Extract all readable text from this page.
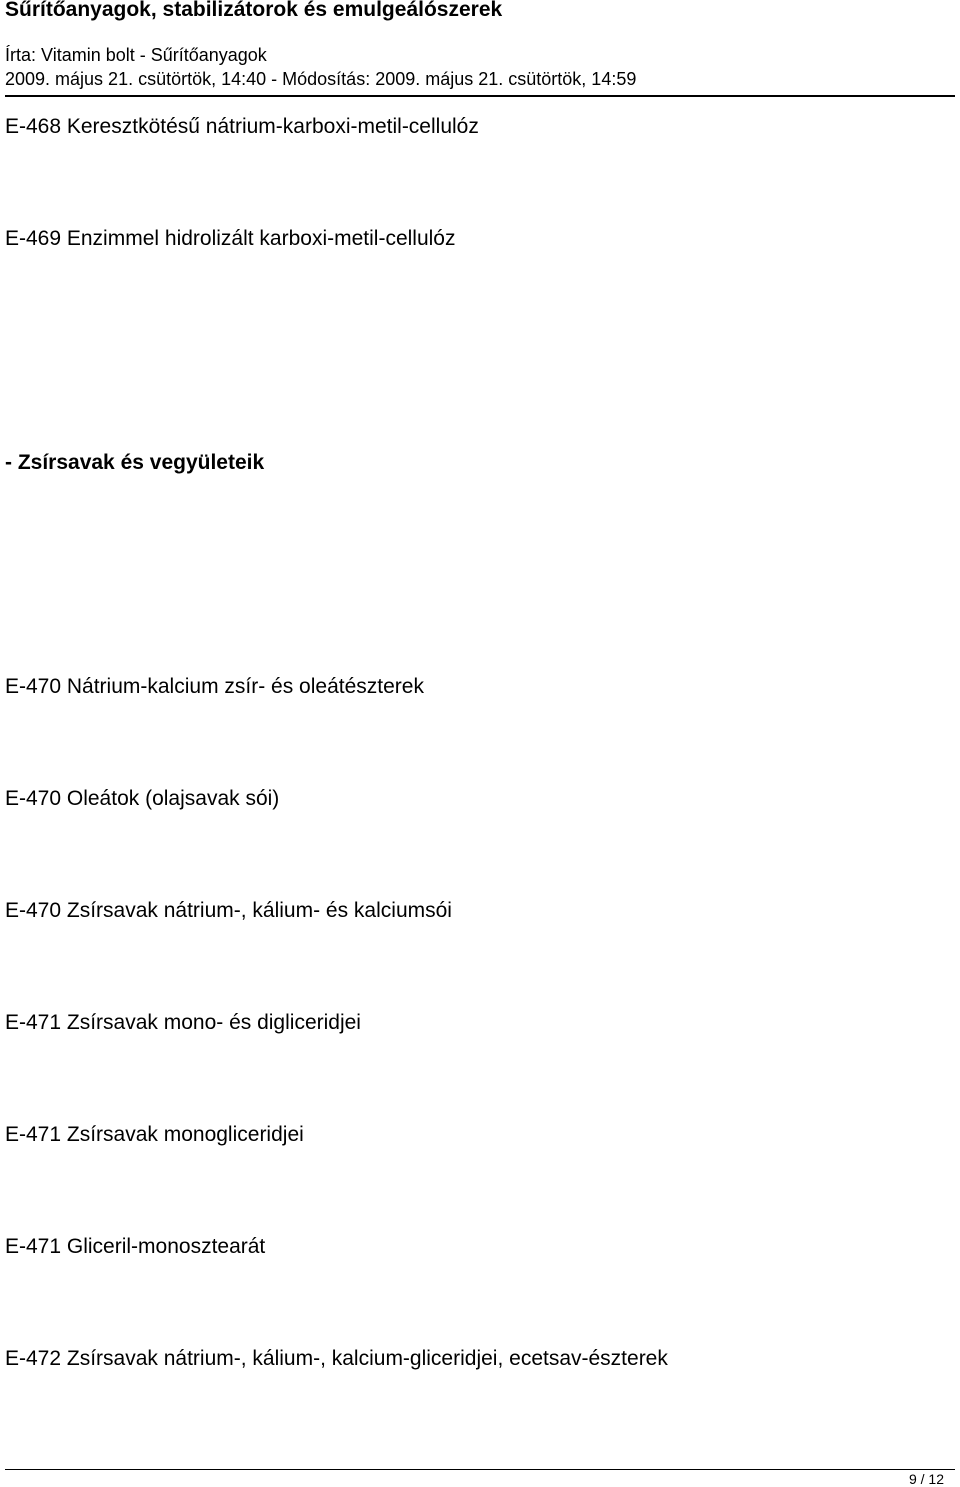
Sűrítőanyagok, stabilizátorok és emulgeálószerek
Írta: Vitamin bolt - Sűrítőanyagok
2009. május 21. csütörtök, 14:40 - Módosítás: 2009. május 21. csütörtök, 14:59
E-468 Keresztkötésű nátrium-karboxi-metil-cellulóz
E-469 Enzimmel hidrolizált karboxi-metil-cellulóz
- Zsírsavak és vegyületeik
E-470 Nátrium-kalcium zsír- és oleátészterek
E-470 Oleátok (olajsavak sói)
E-470 Zsírsavak nátrium-, kálium- és kalciumsói
E-471 Zsírsavak mono- és digliceridjei
E-471 Zsírsavak monogliceridjei
E-471 Gliceril-monosztearát
E-472 Zsírsavak nátrium-, kálium-, kalcium-gliceridjei, ecetsav-észterek
9 / 12
